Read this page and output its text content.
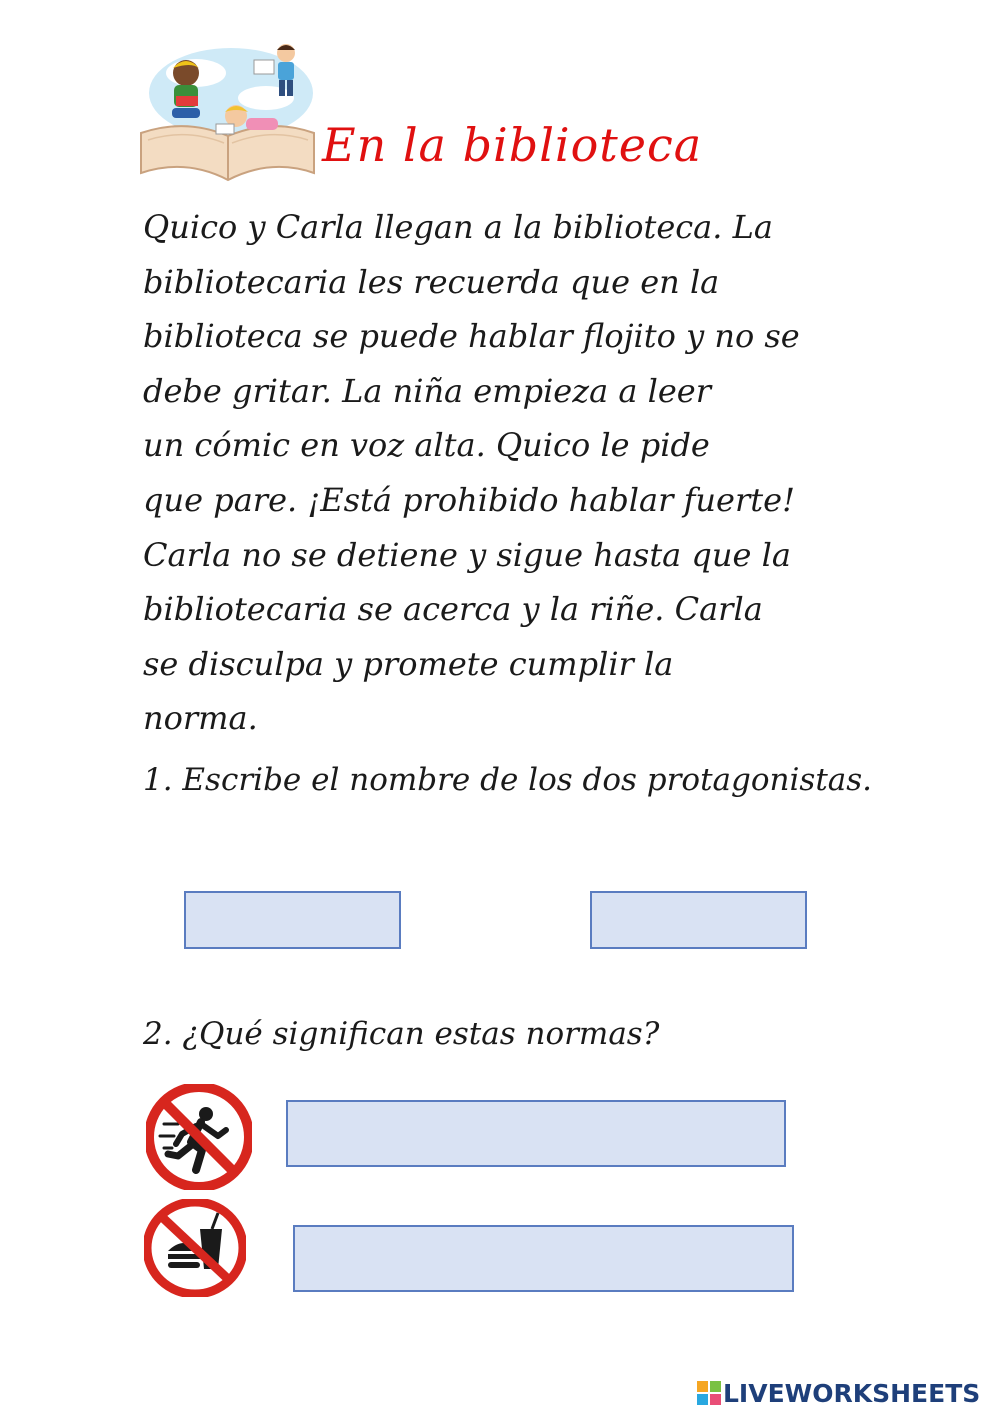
En la biblioteca
Quico y Carla llegan a la biblioteca. La
bibliotecaria les recuerda que en la
biblioteca se puede hablar flojito y no se
debe gritar. La niña empieza a leer
un cómic en voz alta. Quico le pide
que pare. ¡Está prohibido hablar fuerte!
Carla no se detiene y sigue hasta que la
bibliotecaria se acerca y la riñe. Carla
se disculpa y promete cumplir la
norma.
1. Escribe el nombre de los dos protagonistas.
2. ¿Qué significan estas normas?
LIVEWORKSHEETS
